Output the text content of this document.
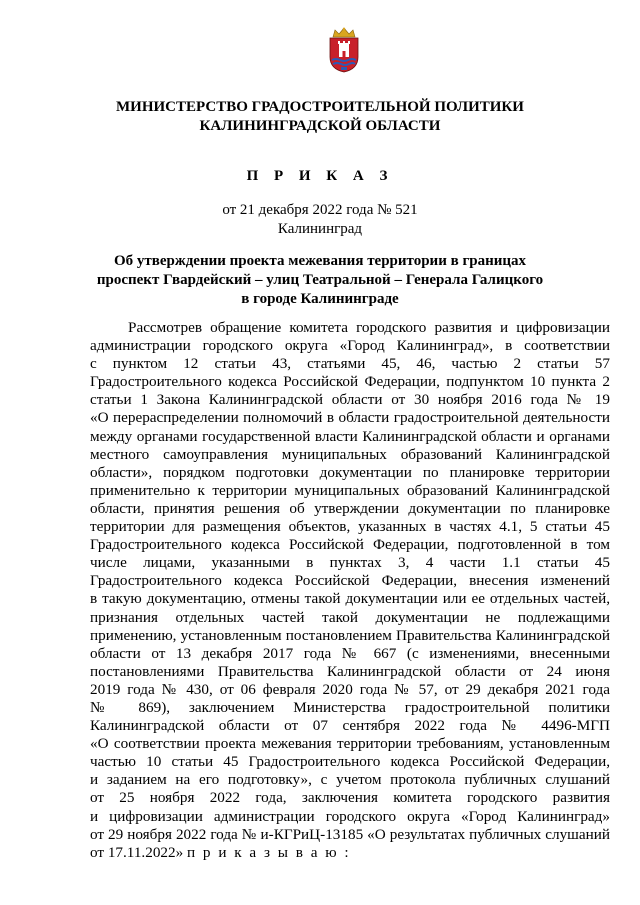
МИНИСТЕРСТВО ГРАДОСТРОИТЕЛЬНОЙ ПОЛИТИКИ
КАЛИНИНГРАДСКОЙ ОБЛАСТИ
П Р И К А З
от 21 декабря 2022 года № 521
Калининград
Об утверждении проекта межевания территории в границах
проспект Гвардейский – улиц Театральной – Генерала Галицкого
в городе Калининграде
Рассмотрев обращение комитета городского развития и цифровизации
администрации городского округа «Город Калининград», в соответствии
с пунктом 12 статьи 43, статьями 45, 46, частью 2 статьи 57
Градостроительного кодекса Российской Федерации, подпунктом 10 пункта 2
статьи 1 Закона Калининградской области от 30 ноября 2016 года № 19
«О перераспределении полномочий в области градостроительной деятельности
между органами государственной власти Калининградской области и органами
местного самоуправления муниципальных образований Калининградской
области», порядком подготовки документации по планировке территории
применительно к территории муниципальных образований Калининградской
области, принятия решения об утверждении документации по планировке
территории для размещения объектов, указанных в частях 4.1, 5 статьи 45
Градостроительного кодекса Российской Федерации, подготовленной в том
числе лицами, указанными в пунктах 3, 4 части 1.1 статьи 45
Градостроительного кодекса Российской Федерации, внесения изменений
в такую документацию, отмены такой документации или ее отдельных частей,
признания отдельных частей такой документации не подлежащими
применению, установленным постановлением Правительства Калининградской
области от 13 декабря 2017 года № 667 (с изменениями, внесенными
постановлениями Правительства Калининградской области от 24 июня
2019 года № 430, от 06 февраля 2020 года № 57, от 29 декабря 2021 года
№ 869), заключением Министерства градостроительной политики
Калининградской области от 07 сентября 2022 года № 4496-МГП
«О соответствии проекта межевания территории требованиям, установленным
частью 10 статьи 45 Градостроительного кодекса Российской Федерации,
и заданием на его подготовку», с учетом протокола публичных слушаний
от 25 ноября 2022 года, заключения комитета городского развития
и цифровизации администрации городского округа «Город Калининград»
от 29 ноября 2022 года № и-КГРиЦ-13185 «О результатах публичных слушаний
от 17.11.2022» п р и к а з ы в а ю :
